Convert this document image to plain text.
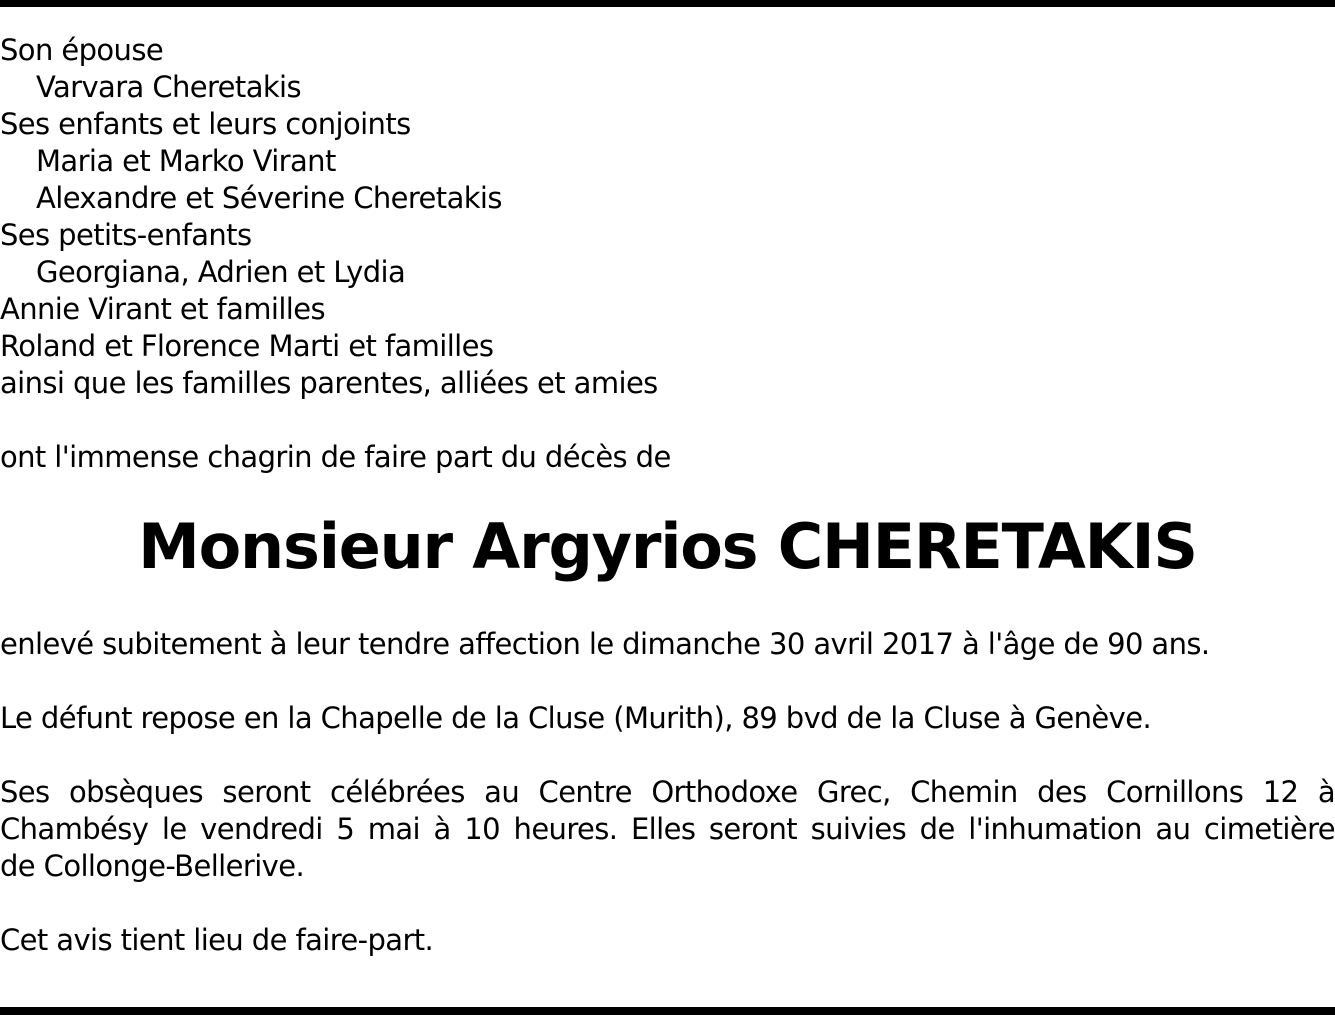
Son épouse
Varvara Cheretakis
Ses enfants et leurs conjoints
Maria et Marko Virant
Alexandre et Séverine Cheretakis
Ses petits-enfants
Georgiana, Adrien et Lydia
Annie Virant et familles
Roland et Florence Marti et familles
ainsi que les familles parentes, alliées et amies
ont l'immense chagrin de faire part du décès de
Monsieur Argyrios CHERETAKIS
enlevé subitement à leur tendre affection le dimanche 30 avril 2017 à l'âge de 90 ans.
Le défunt repose en la Chapelle de la Cluse (Murith), 89 bvd de la Cluse à Genève.
Ses obsèques seront célébrées au Centre Orthodoxe Grec, Chemin des Cornillons 12 à
Chambésy le vendredi 5 mai à 10 heures. Elles seront suivies de l'inhumation au cimetière
de Collonge-Bellerive.
Cet avis tient lieu de faire-part.
